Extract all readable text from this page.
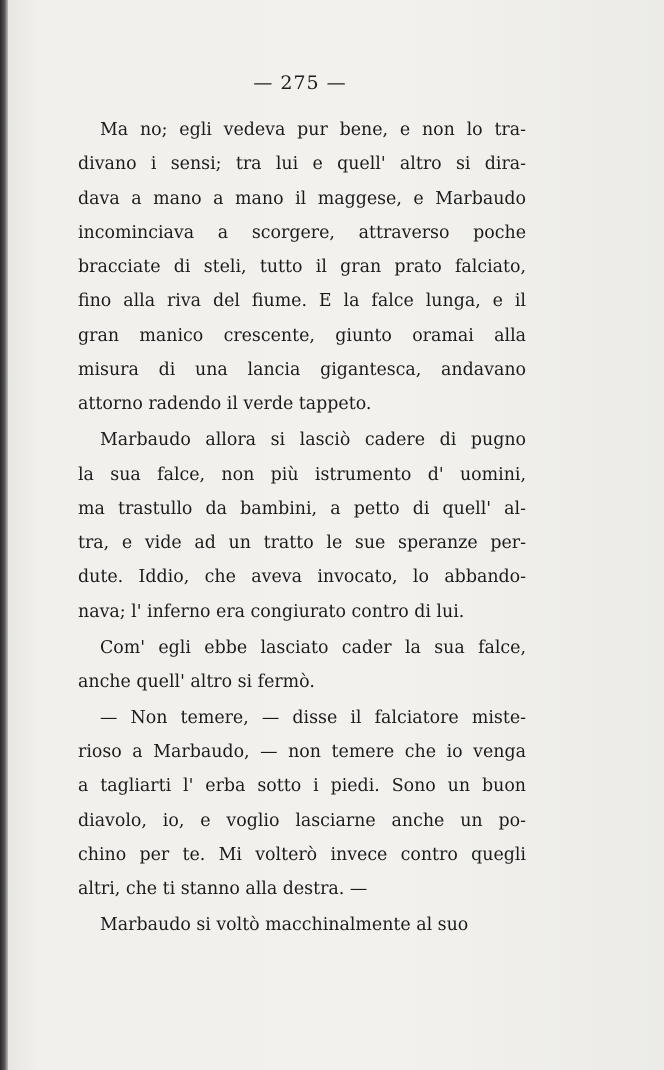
— 275 —
Ma no; egli vedeva pur bene, e non lo tra-
divano i sensi; tra lui e quell' altro si dira-
dava a mano a mano il maggese, e Marbaudo
incominciava a scorgere, attraverso poche
bracciate di steli, tutto il gran prato falciato,
fino alla riva del fiume. E la falce lunga, e il
gran manico crescente, giunto oramai alla
misura di una lancia gigantesca, andavano
attorno radendo il verde tappeto.
Marbaudo allora si lasciò cadere di pugno
la sua falce, non più istrumento d' uomini,
ma trastullo da bambini, a petto di quell' al-
tra, e vide ad un tratto le sue speranze per-
dute. Iddio, che aveva invocato, lo abbando-
nava; l' inferno era congiurato contro di lui.
Com' egli ebbe lasciato cader la sua falce,
anche quell' altro si fermò.
— Non temere, — disse il falciatore miste-
rioso a Marbaudo, — non temere che io venga
a tagliarti l' erba sotto i piedi. Sono un buon
diavolo, io, e voglio lasciarne anche un po-
chino per te. Mi volterò invece contro quegli
altri, che ti stanno alla destra. —
Marbaudo si voltò macchinalmente al suo
